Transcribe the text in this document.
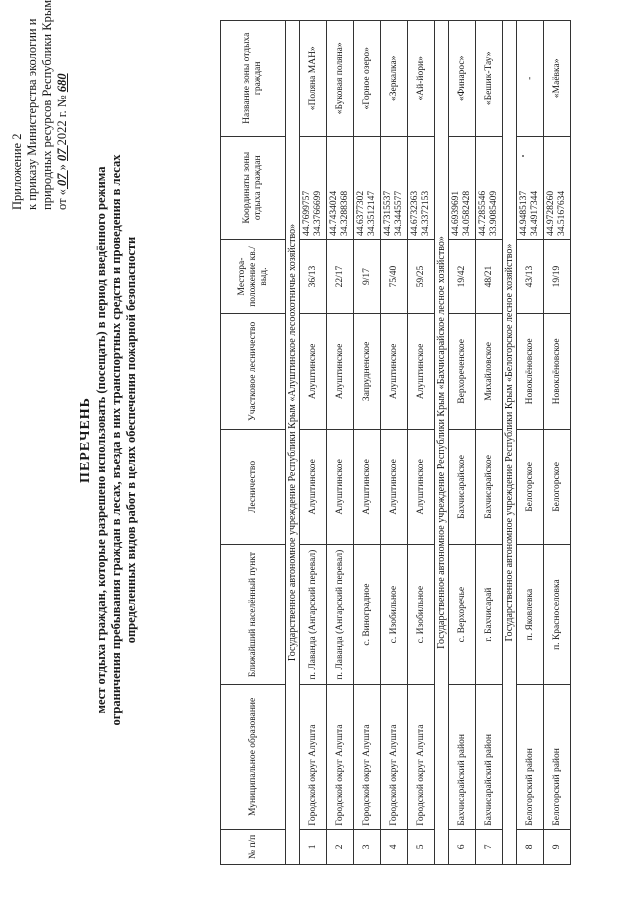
Приложение 2 к приказу Министерства экологии и природных ресурсов Республики Крым от « 07 » 07 2022 г. № 680
ПЕРЕЧЕНЬ мест отдыха граждан, которые разрешено использовать (посещать) в период введённого режима ограничения пребывания граждан в лесах, въезда в них транспортных средств и проведения в лесах определенных видов работ в целях обеспечения пожарной безопасности
№ п/п	Муниципальное образование	Ближайший населённый пункт	Лесничество	Участковое лесничество	Местора-положение кв./выд.	Координаты зоны отдыха граждан	Название зоны отдыха граждан
Государственное автономное учреждение Республики Крым «Алуштинское лесоохотничье хозяйство»							
1	Городской округ Алушта	п. Лаванда (Ангарский перевал)	Алуштинское	Алуштинское	36/13	44.7699757 34.3766699	«Поляна МАН»
2	Городской округ Алушта	п. Лаванда (Ангарский перевал)	Алуштинское	Алуштинское	22/17	44.7434024 34.3288368	«Буковая поляна»
3	Городской округ Алушта	с. Виноградное	Алуштинское	Запрудненское	9/17	44.6377302 34.3512147	«Горное озеро»
4	Городской округ Алушта	с. Изобильное	Алуштинское	Алуштинское	75/40	44.7315537 34.3445577	«Зеркалка»
5	Городской округ Алушта	с. Изобильное	Алуштинское	Алуштинское	59/25	44.6732363 34.3372153	«Ай-йори»
Государственное автономное учреждение Республики Крым «Бахчисарайское лесное хозяйство»							
6	Бахчисарайский район	с. Верхоречье	Бахчисарайское	Верхореченское	19/42	44.6939691 34.0582428	«Финарос»
7	Бахчисарайский район	г. Бахчисарай	Бахчисарайское	Михайловское	48/21	44.7285546 33.9085409	«Бешик-Тау»
Государственное автономное учреждение Республики Крым «Белогорское лесное хозяйство»							
8	Белогорский район	п. Яковлевка	Белогорское	Новоклёновское	43/13	44.9485137 34.4917344	-
9	Белогорский район	п. Красноселовка	Белогорское	Новоклёновское	19/19	44.9728260 34.5167634	«Маёвка»
